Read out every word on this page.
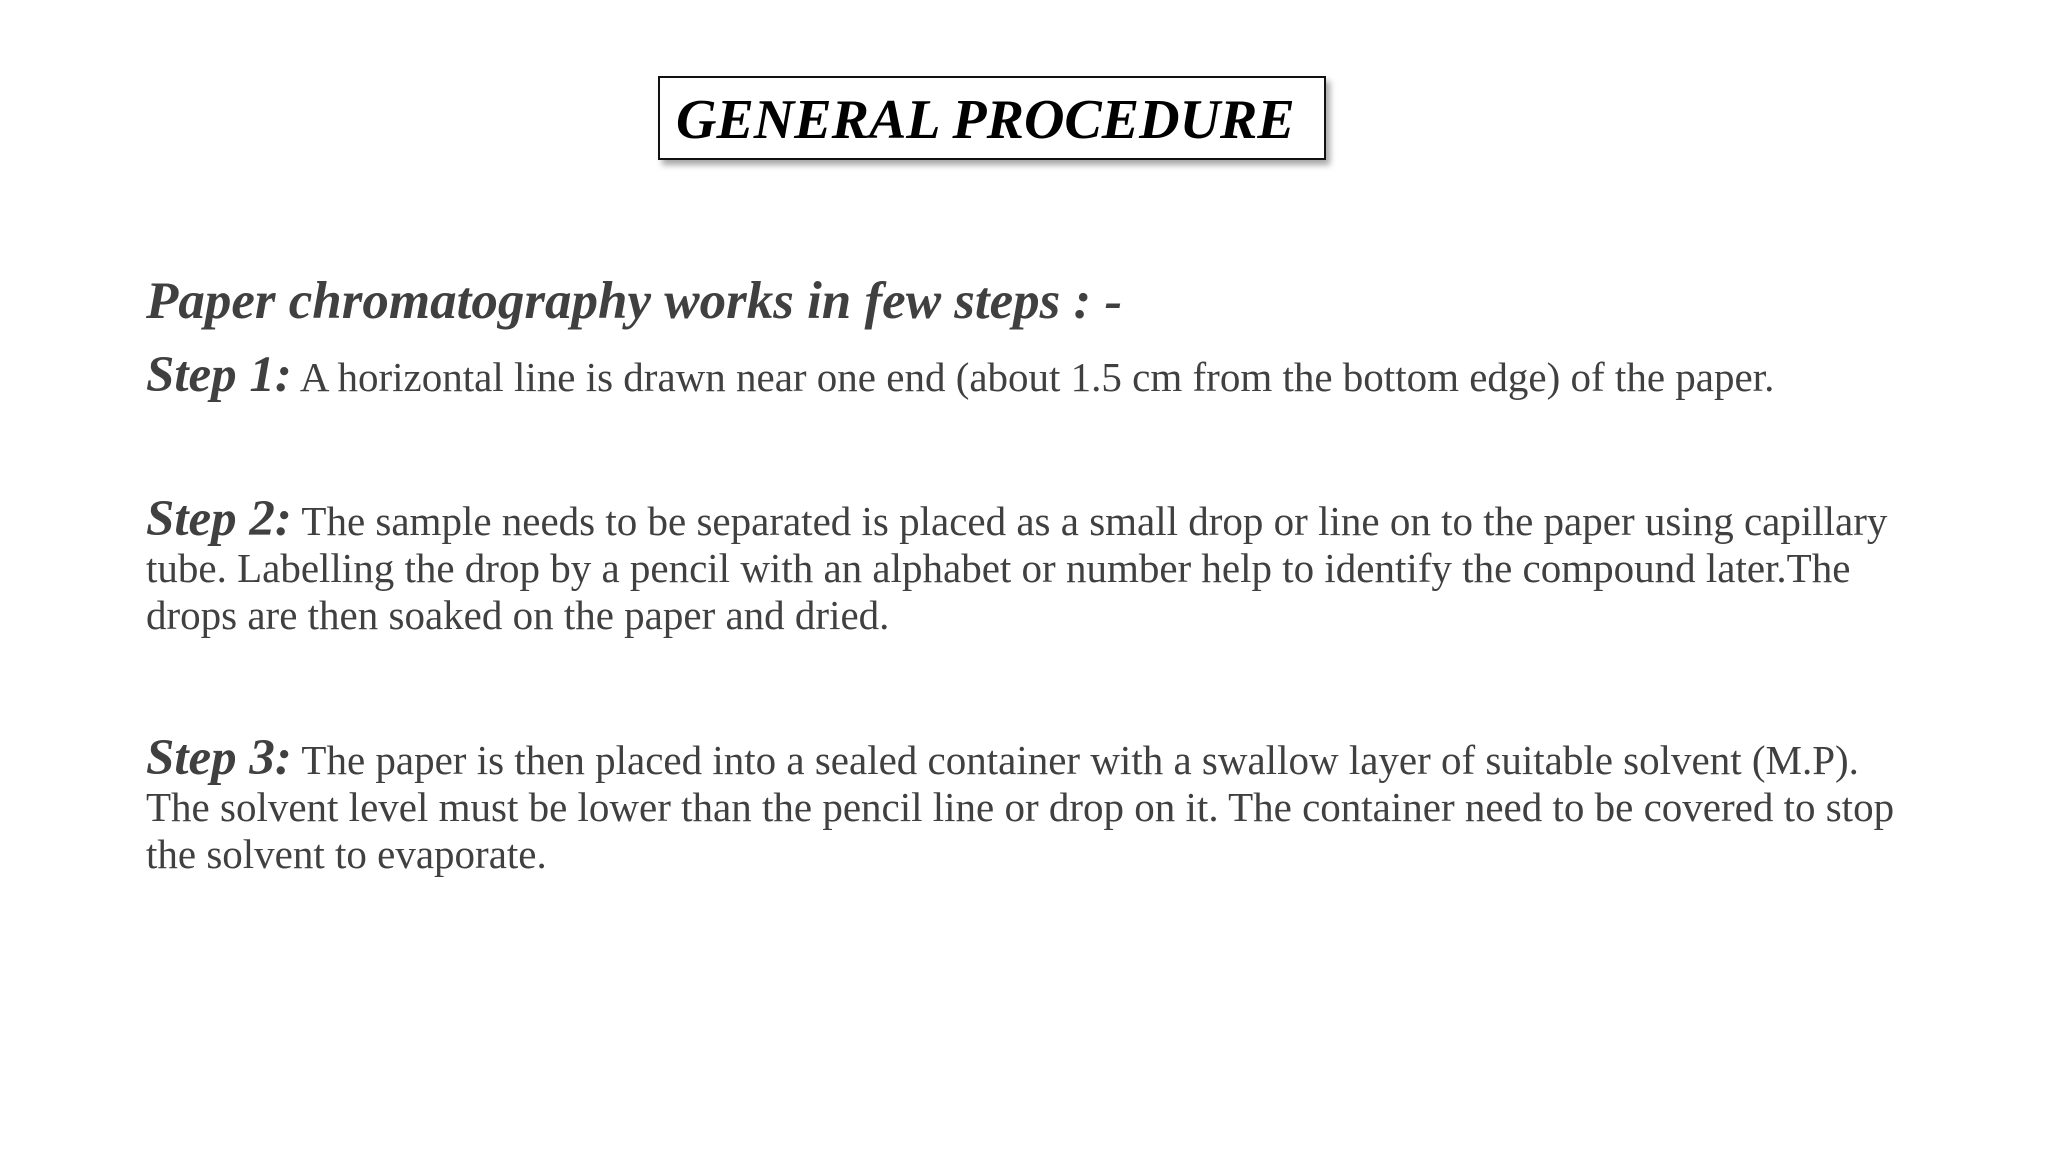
GENERAL PROCEDURE
Paper chromatography works in few steps : -
Step 1: A horizontal line is drawn near one end (about 1.5 cm from the bottom edge) of the paper.
Step 2: The sample needs to be separated is placed as a small drop or line on to the paper using capillary tube. Labelling the drop by a pencil with an alphabet or number help to identify the compound later.The drops are then soaked on the paper and dried.
Step 3: The paper is then placed into a sealed container with a swallow layer of suitable solvent (M.P). The solvent level must be lower than the pencil line or drop on it. The container need to be covered to stop the solvent to evaporate.
